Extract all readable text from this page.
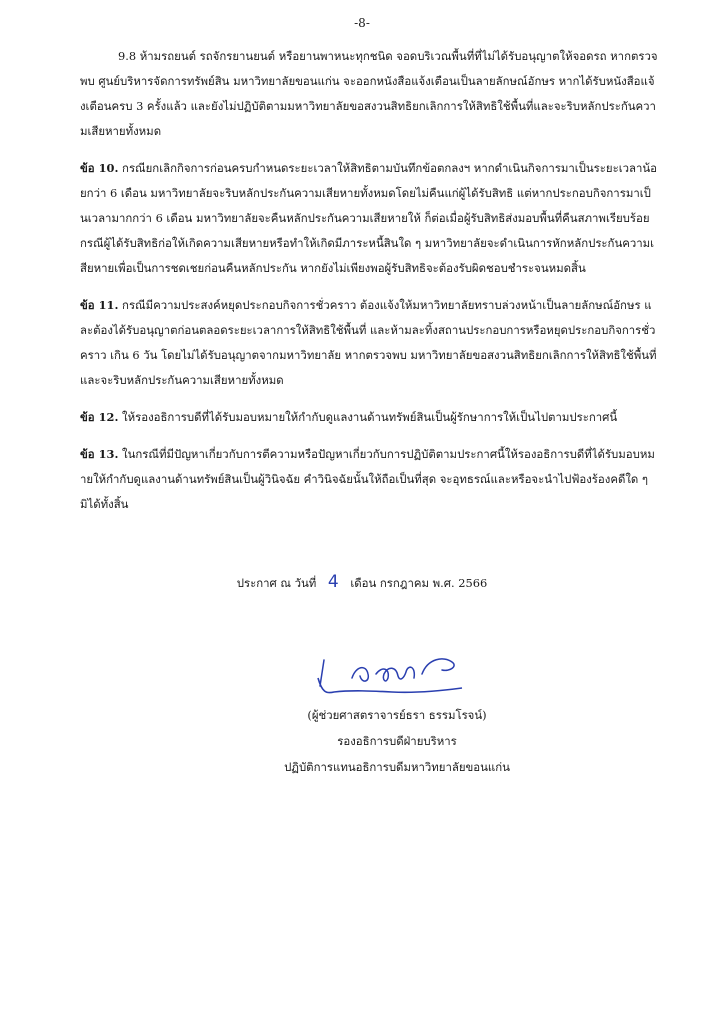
-8-

9.8 ห้ามรถยนต์ รถจักรยานยนต์ หรือยานพาหนะทุกชนิด จอดบริเวณพื้นที่ที่ไม่ได้รับอนุญาตให้จอดรถ หากตรวจพบ ศูนย์บริหารจัดการทรัพย์สิน มหาวิทยาลัยขอนแก่น จะออกหนังสือแจ้งเตือนเป็นลายลักษณ์อักษร หากได้รับหนังสือแจ้งเตือนครบ 3 ครั้งแล้ว และยังไม่ปฏิบัติตามมหาวิทยาลัยขอสงวนสิทธิยกเลิกการให้สิทธิใช้พื้นที่และจะริบหลักประกันความเสียหายทั้งหมด

ข้อ 10. กรณียกเลิกกิจการก่อนครบกำหนดระยะเวลาให้สิทธิตามบันทึกข้อตกลงฯ หากดำเนินกิจการมาเป็นระยะเวลาน้อยกว่า 6 เดือน มหาวิทยาลัยจะริบหลักประกันความเสียหายทั้งหมดโดยไม่คืนแก่ผู้ได้รับสิทธิ แต่หากประกอบกิจการมาเป็นเวลามากกว่า 6 เดือน มหาวิทยาลัยจะคืนหลักประกันความเสียหายให้ ก็ต่อเมื่อผู้รับสิทธิส่งมอบพื้นที่คืนสภาพเรียบร้อย กรณีผู้ได้รับสิทธิก่อให้เกิดความเสียหายหรือทำให้เกิดมีภาระหนี้สินใด ๆ มหาวิทยาลัยจะดำเนินการหักหลักประกันความเสียหายเพื่อเป็นการชดเชยก่อนคืนหลักประกัน หากยังไม่เพียงพอผู้รับสิทธิจะต้องรับผิดชอบชำระจนหมดสิ้น

ข้อ 11. กรณีมีความประสงค์หยุดประกอบกิจการชั่วคราว ต้องแจ้งให้มหาวิทยาลัยทราบล่วงหน้าเป็นลายลักษณ์อักษร และต้องได้รับอนุญาตก่อนตลอดระยะเวลาการให้สิทธิใช้พื้นที่ และห้ามละทิ้งสถานประกอบการหรือหยุดประกอบกิจการชั่วคราว เกิน 6 วัน โดยไม่ได้รับอนุญาตจากมหาวิทยาลัย หากตรวจพบ มหาวิทยาลัยขอสงวนสิทธิยกเลิกการให้สิทธิใช้พื้นที่และจะริบหลักประกันความเสียหายทั้งหมด

ข้อ 12. ให้รองอธิการบดีที่ได้รับมอบหมายให้กำกับดูแลงานด้านทรัพย์สินเป็นผู้รักษาการให้เป็นไปตามประกาศนี้

ข้อ 13. ในกรณีที่มีปัญหาเกี่ยวกับการตีความหรือปัญหาเกี่ยวกับการปฏิบัติตามประกาศนี้ให้รองอธิการบดีที่ได้รับมอบหมายให้กำกับดูแลงานด้านทรัพย์สินเป็นผู้วินิจฉัย คำวินิจฉัยนั้นให้ถือเป็นที่สุด จะอุทธรณ์และหรือจะนำไปฟ้องร้องคดีใด ๆ มิได้ทั้งสิ้น

ประกาศ ณ วันที่ 4 เดือน กรกฎาคม พ.ศ. 2566
(ผู้ช่วยศาสตราจารย์ธรา ธรรมโรจน์)
รองอธิการบดีฝ่ายบริหาร
ปฏิบัติการแทนอธิการบดีมหาวิทยาลัยขอนแก่น
